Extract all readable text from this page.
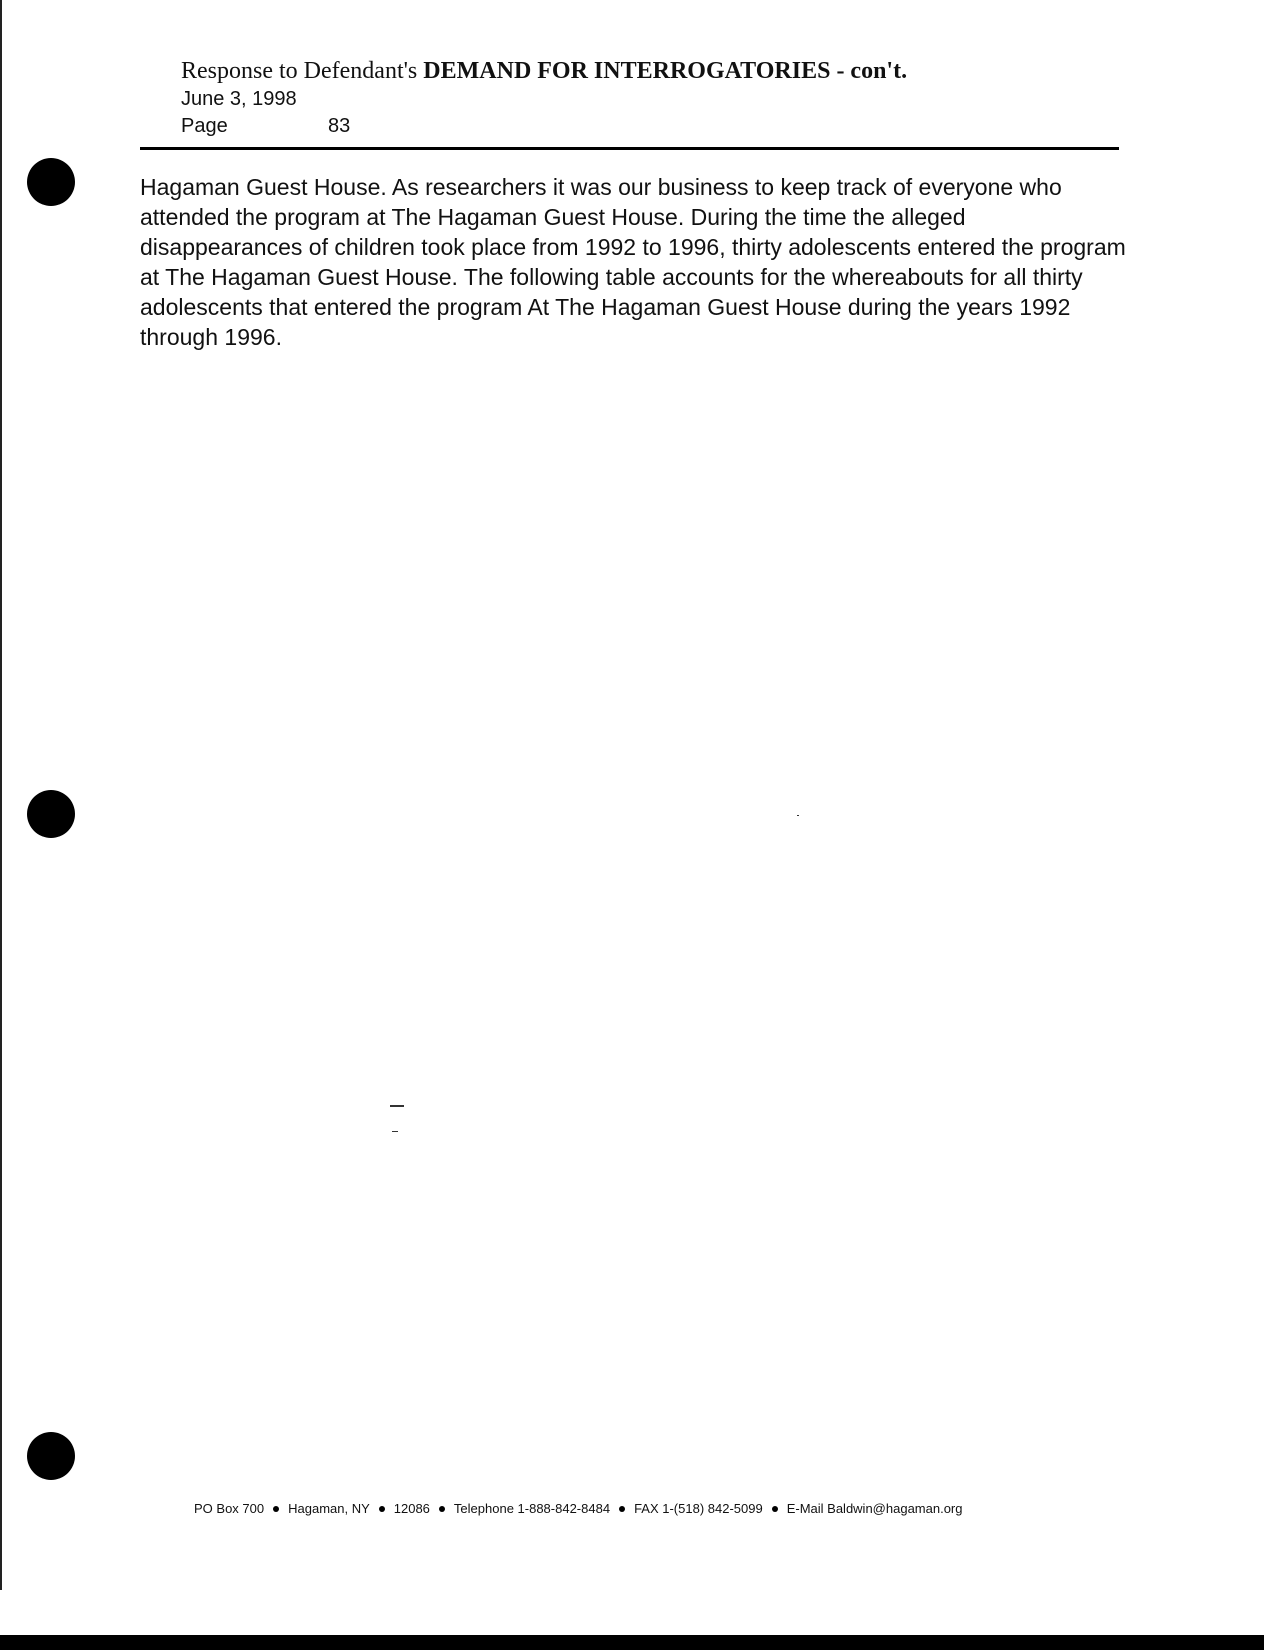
Response to Defendant's DEMAND FOR INTERROGATORIES - con't.
June 3, 1998
Page	83
Hagaman Guest House. As researchers it was our business to keep track of everyone who attended the program at The Hagaman Guest House. During the time the alleged disappearances of children took place from 1992 to 1996, thirty adolescents entered the program at The Hagaman Guest House. The following table accounts for the whereabouts for all thirty adolescents that entered the program At The Hagaman Guest House during the years 1992 through 1996.
PO Box 700 Hagaman, NY 12086 Telephone 1-888-842-8484 FAX 1-(518) 842-5099 E-Mail Baldwin@hagaman.org
